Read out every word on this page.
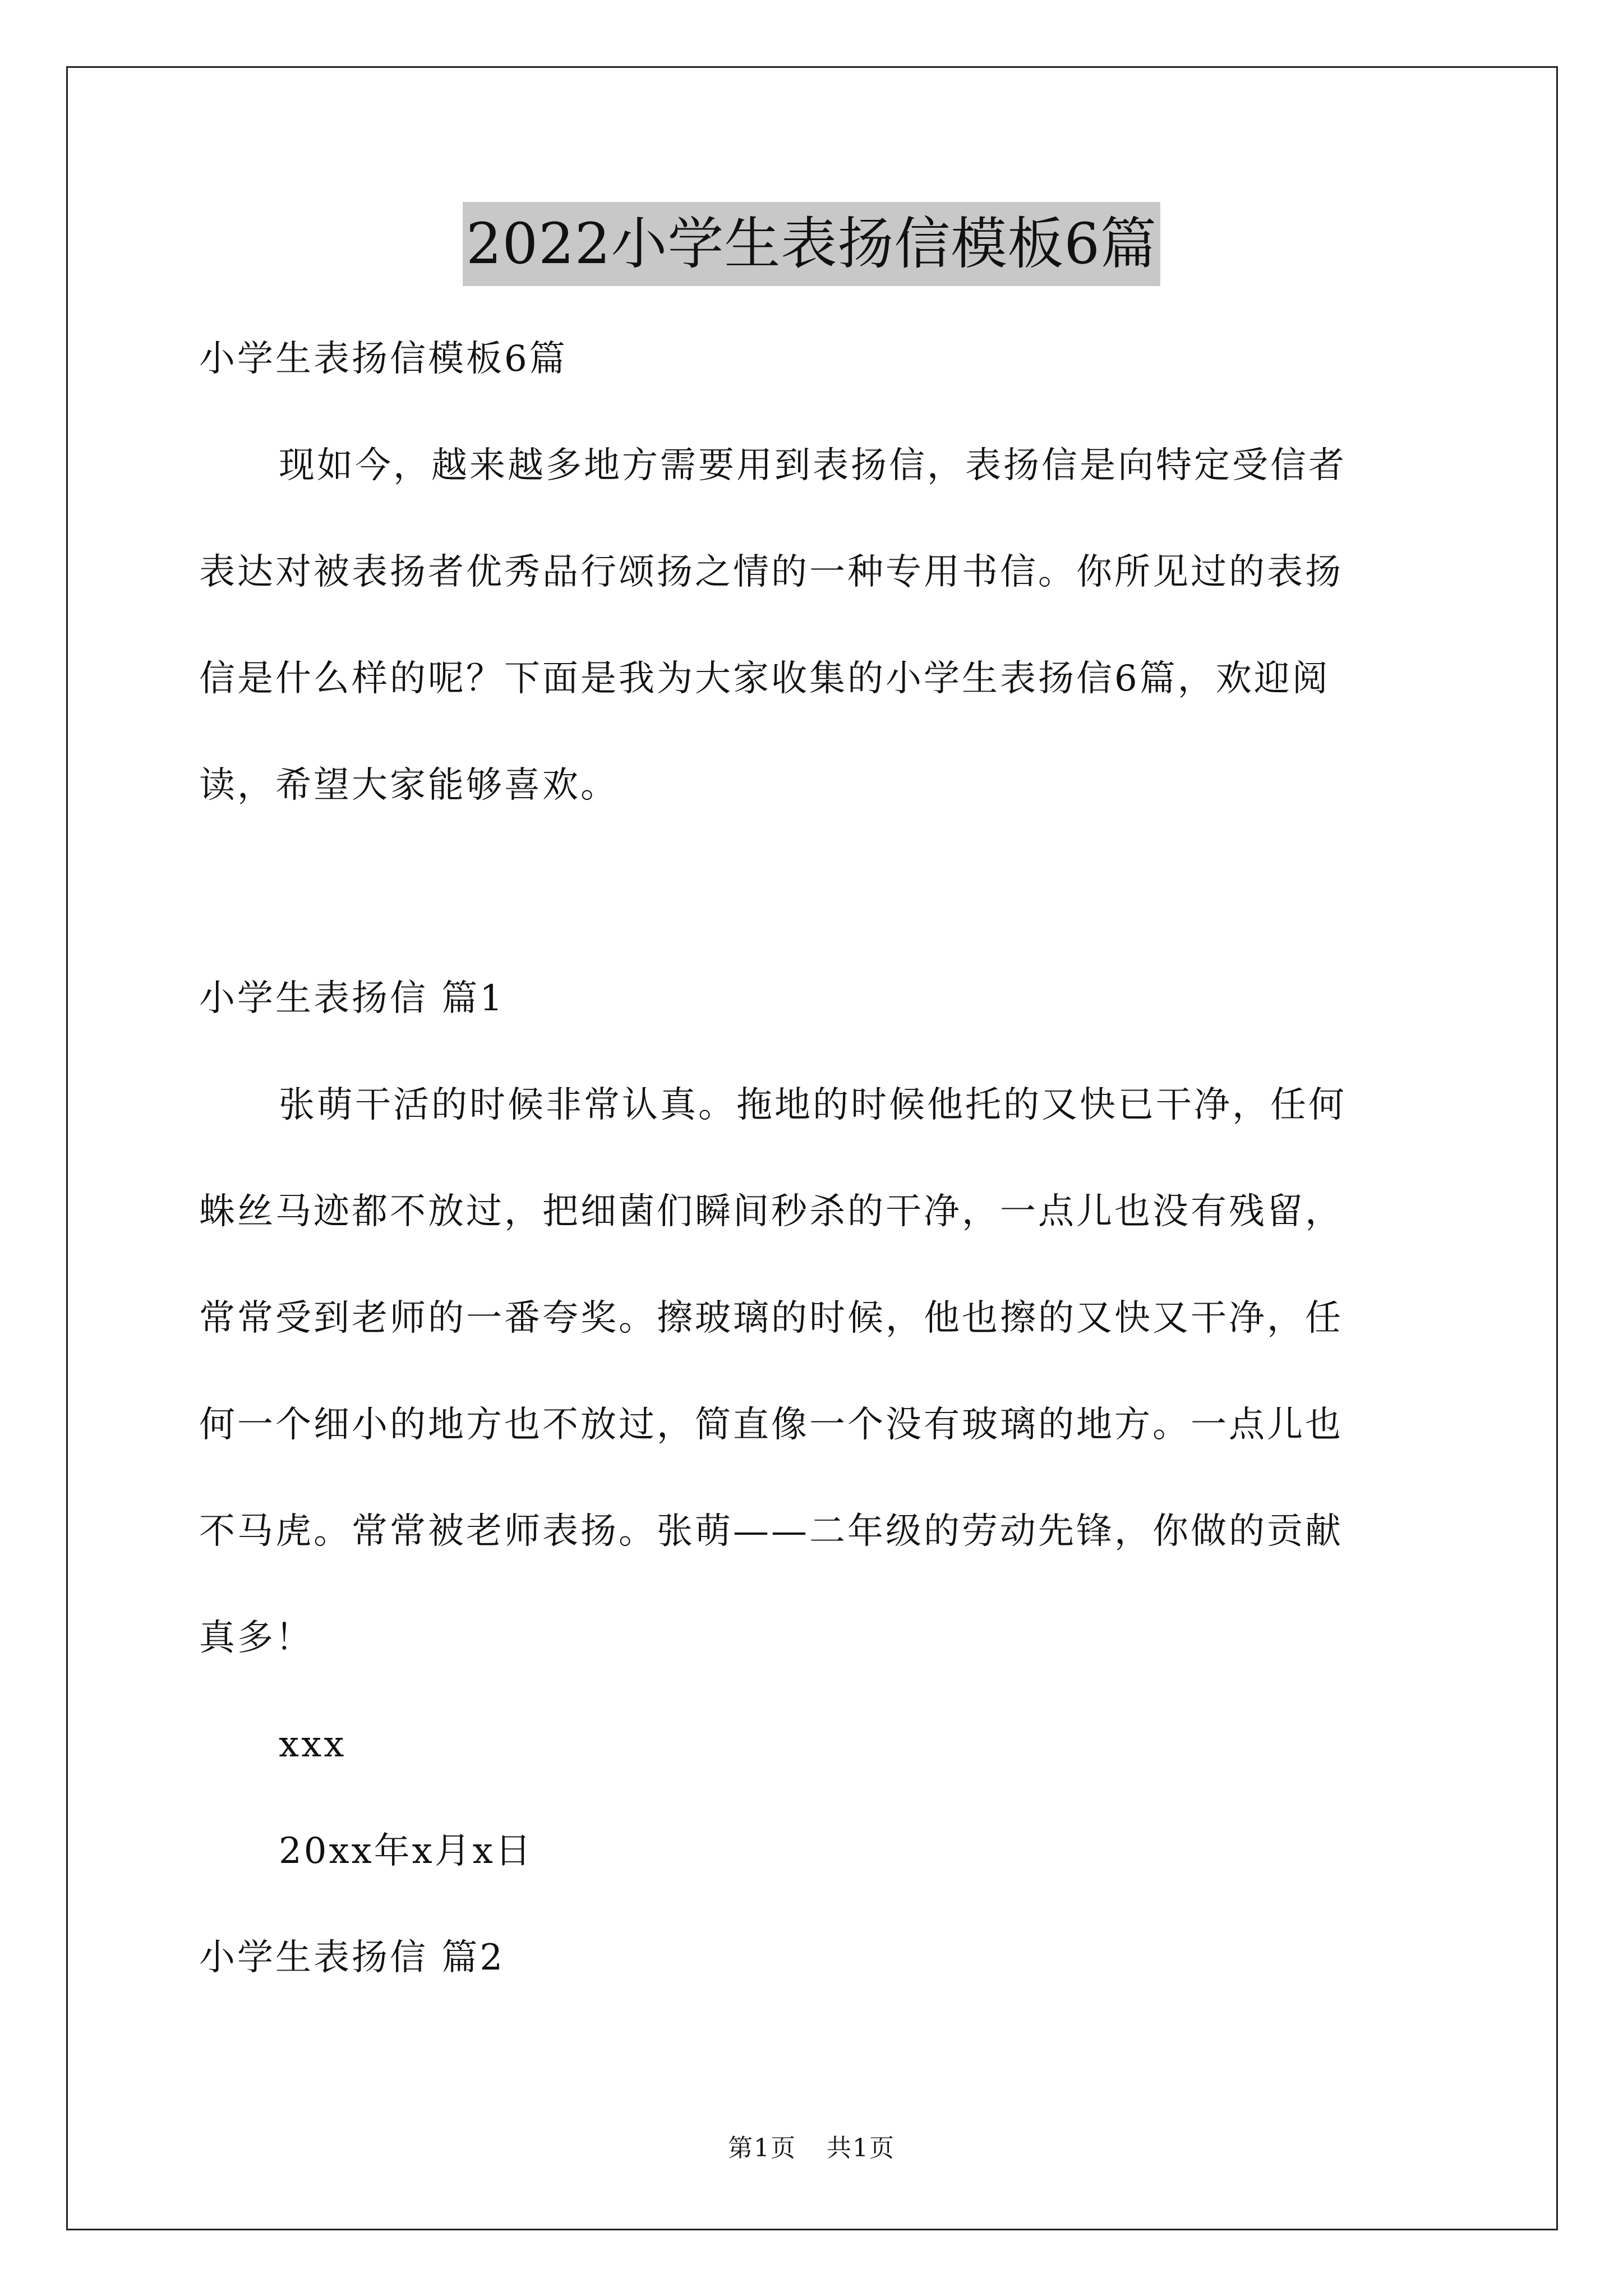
2022小学生表扬信模板6篇
小学生表扬信模板6篇
现如今，越来越多地方需要用到表扬信，表扬信是向特定受信者
表达对被表扬者优秀品行颂扬之情的一种专用书信。你所见过的表扬
信是什么样的呢？下面是我为大家收集的小学生表扬信6篇，欢迎阅
读，希望大家能够喜欢。
小学生表扬信 篇1
张萌干活的时候非常认真。拖地的时候他托的又快已干净，任何
蛛丝马迹都不放过，把细菌们瞬间秒杀的干净，一点儿也没有残留，
常常受到老师的一番夸奖。擦玻璃的时候，他也擦的又快又干净，任
何一个细小的地方也不放过，简直像一个没有玻璃的地方。一点儿也
不马虎。常常被老师表扬。张萌——二年级的劳动先锋，你做的贡献
真多！
xxx
20xx年x月x日
小学生表扬信 篇2
第1页 共1页
